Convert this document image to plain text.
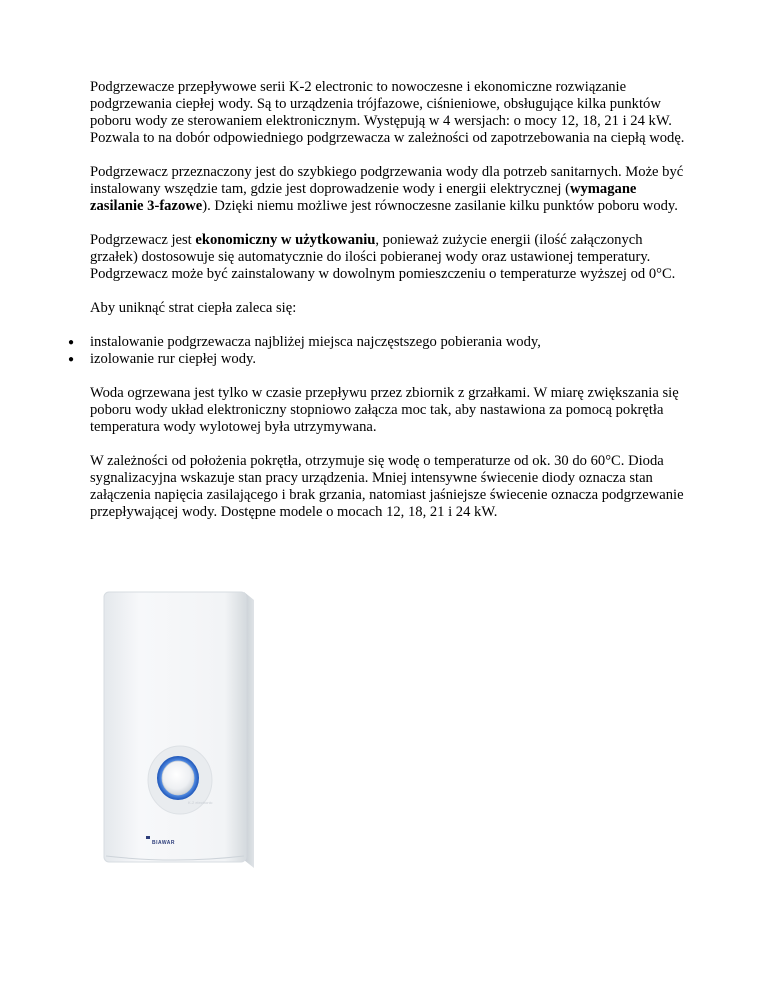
Podgrzewacze przepływowe serii K-2 electronic to nowoczesne i ekonomiczne rozwiązanie podgrzewania ciepłej wody. Są to urządzenia trójfazowe, ciśnieniowe, obsługujące kilka punktów poboru wody ze sterowaniem elektronicznym. Występują w 4 wersjach: o mocy 12, 18, 21 i 24 kW. Pozwala to na dobór odpowiedniego podgrzewacza w zależności od zapotrzebowania na ciepłą wodę.

Podgrzewacz przeznaczony jest do szybkiego podgrzewania wody dla potrzeb sanitarnych. Może być instalowany wszędzie tam, gdzie jest doprowadzenie wody i energii elektrycznej (wymagane zasilanie 3-fazowe). Dzięki niemu możliwe jest równoczesne zasilanie kilku punktów poboru wody.

Podgrzewacz jest ekonomiczny w użytkowaniu, ponieważ zużycie energii (ilość załączonych grzałek) dostosowuje się automatycznie do ilości pobieranej wody oraz ustawionej temperatury. Podgrzewacz może być zainstalowany w dowolnym pomieszczeniu o temperaturze wyższej od 0°C.

Aby uniknąć strat ciepła zaleca się:

● instalowanie podgrzewacza najbliżej miejsca najczęstszego pobierania wody,
● izolowanie rur ciepłej wody.

Woda ogrzewana jest tylko w czasie przepływu przez zbiornik z grzałkami. W miarę zwiększania się poboru wody układ elektroniczny stopniowo załącza moc tak, aby nastawiona za pomocą pokrętła temperatura wody wylotowej była utrzymywana.

W zależności od położenia pokrętła, otrzymuje się wodę o temperaturze od ok. 30 do 60°C. Dioda sygnalizacyjna wskazuje stan pracy urządzenia. Mniej intensywne świecenie diody oznacza stan załączenia napięcia zasilającego i brak grzania, natomiast jaśniejsze świecenie oznacza podgrzewanie przepływającej wody. Dostępne modele o mocach 12, 18, 21 i 24 kW.

K-2 electronic
BIAWAR
